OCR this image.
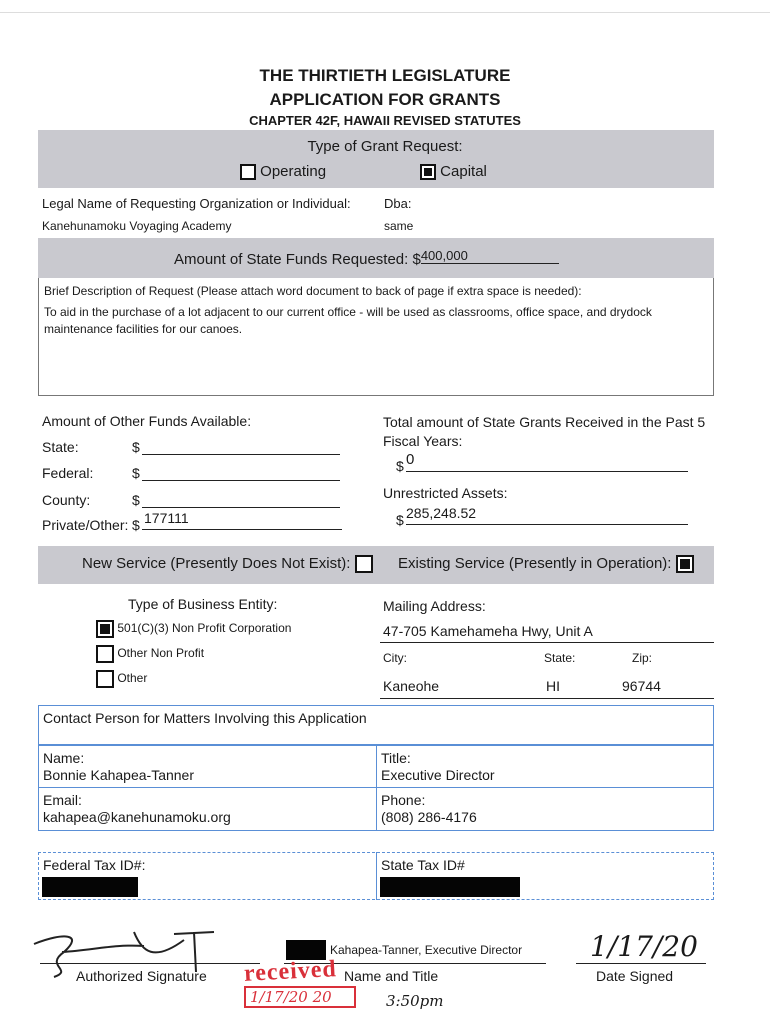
THE THIRTIETH LEGISLATURE
APPLICATION FOR GRANTS
CHAPTER 42F, HAWAII REVISED STATUTES
Type of Grant Request:
Operating	Capital
Legal Name of Requesting Organization or Individual:	Dba:
Kanehunamoku Voyaging Academy	same
Amount of State Funds Requested: $400,000
Brief Description of Request (Please attach word document to back of page if extra space is needed):
To aid in the purchase of a lot adjacent to our current office - will be used as classrooms, office space, and drydock maintenance facilities for our canoes.
Amount of Other Funds Available:
State:	$
Federal:	$
County:	$
Private/Other: $ 177111
Total amount of State Grants Received in the Past 5 Fiscal Years:
$ 0
Unrestricted Assets:
$ 285,248.52
New Service (Presently Does Not Exist):	Existing Service (Presently in Operation):
Type of Business Entity:
501(C)(3) Non Profit Corporation
Other Non Profit
Other
Mailing Address:
47-705 Kamehameha Hwy, Unit A
City:	State:	Zip:
Kaneohe	HI	96744
Contact Person for Matters Involving this Application
Name:
Bonnie Kahapea-Tanner
Title:
Executive Director
Email:
kahapea@kanehunamoku.org
Phone:
(808) 286-4176
Federal Tax ID#:	State Tax ID#
Authorized Signature
Kahapea-Tanner, Executive Director
Name and Title
1/17/20
Date Signed
received
1/17/20 20	3:50pm
